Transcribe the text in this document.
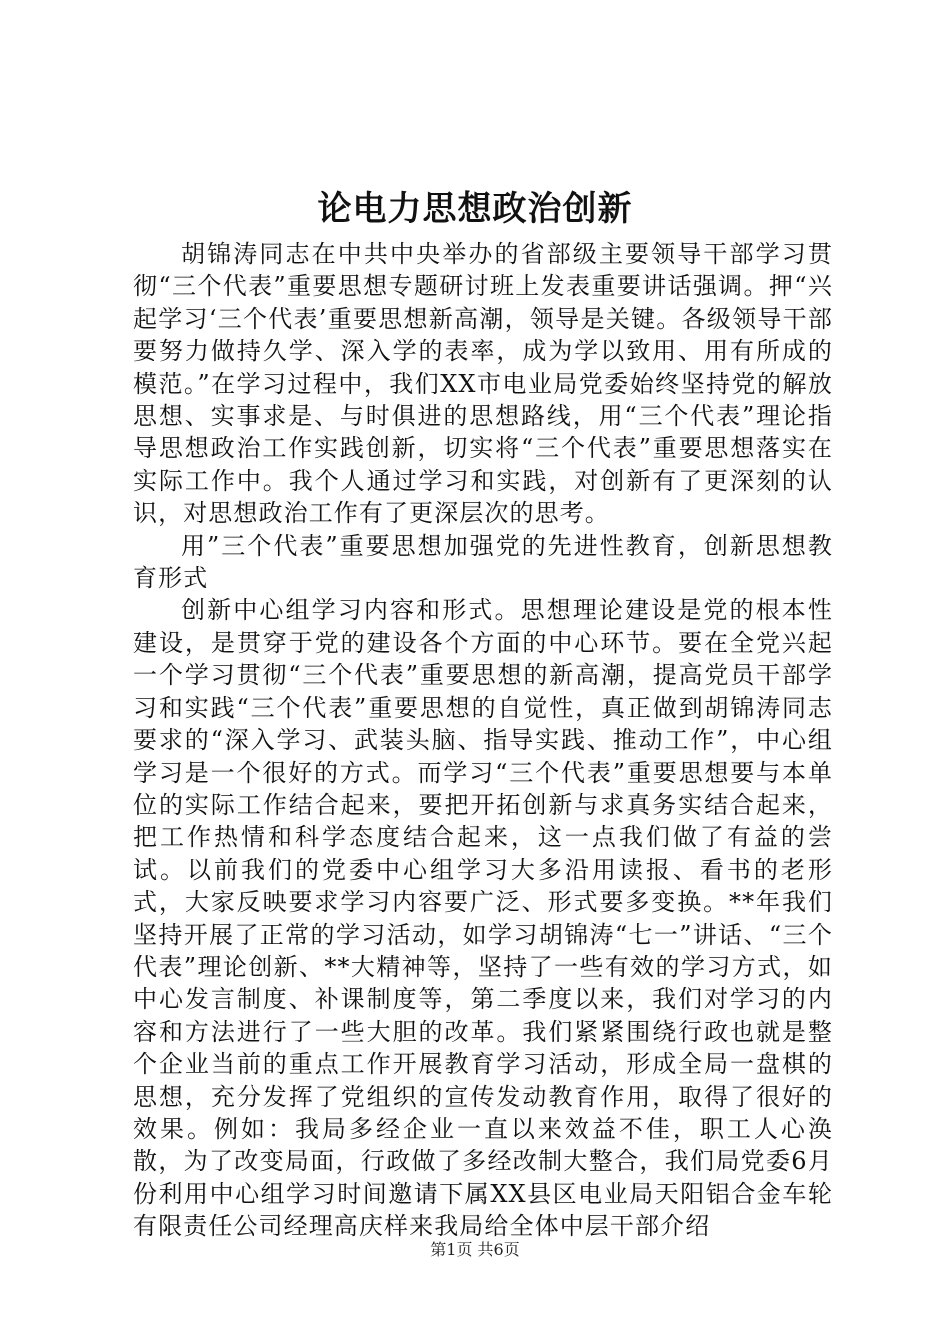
论电力思想政治创新

胡锦涛同志在中共中央举办的省部级主要领导干部学习贯彻“三个代表”重要思想专题研讨班上发表重要讲话强调。押“兴起学习‘三个代表’重要思想新高潮，领导是关键。各级领导干部要努力做持久学、深入学的表率，成为学以致用、用有所成的模范。”在学习过程中，我们XX市电业局党委始终坚持党的解放思想、实事求是、与时俱进的思想路线，用“三个代表”理论指导思想政治工作实践创新，切实将“三个代表”重要思想落实在实际工作中。我个人通过学习和实践，对创新有了更深刻的认识，对思想政治工作有了更深层次的思考。

用”三个代表”重要思想加强党的先进性教育，创新思想教育形式

创新中心组学习内容和形式。思想理论建设是党的根本性建设，是贯穿于党的建设各个方面的中心环节。要在全党兴起一个学习贯彻“三个代表”重要思想的新高潮，提高党员干部学习和实践“三个代表”重要思想的自觉性，真正做到胡锦涛同志要求的“深入学习、武装头脑、指导实践、推动工作”，中心组学习是一个很好的方式。而学习“三个代表”重要思想要与本单位的实际工作结合起来，要把开拓创新与求真务实结合起来，把工作热情和科学态度结合起来，这一点我们做了有益的尝试。以前我们的党委中心组学习大多沿用读报、看书的老形式，大家反映要求学习内容要广泛、形式要多变换。**年我们坚持开展了正常的学习活动，如学习胡锦涛“七一”讲话、“三个代表”理论创新、**大精神等，坚持了一些有效的学习方式，如中心发言制度、补课制度等，第二季度以来，我们对学习的内容和方法进行了一些大胆的改革。我们紧紧围绕行政也就是整个企业当前的重点工作开展教育学习活动，形成全局一盘棋的思想，充分发挥了党组织的宣传发动教育作用，取得了很好的效果。例如：我局多经企业一直以来效益不佳，职工人心涣散，为了改变局面，行政做了多经改制大整合，我们局党委6月份利用中心组学习时间邀请下属XX县区电业局天阳铝合金车轮有限责任公司经理高庆样来我局给全体中层干部介绍

第1页 共6页
